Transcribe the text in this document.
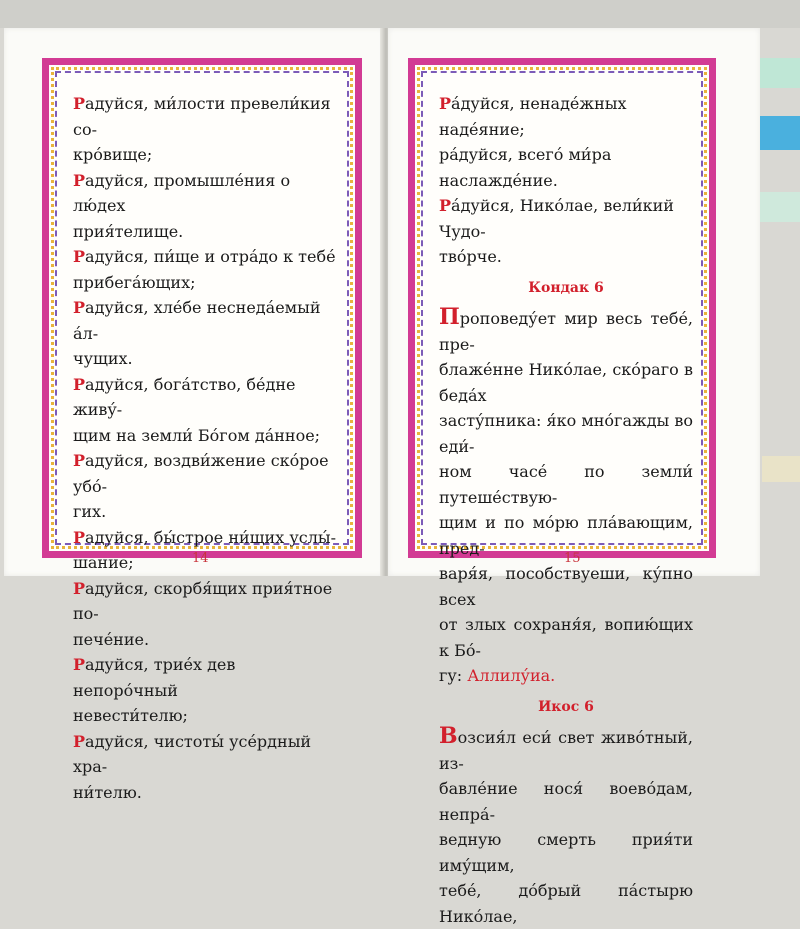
Радуйся, ми́лости превели́кия со-
кро́вище;
Радуйся, промышле́ния о лю́дех
прия́телище.
Радуйся, пи́ще и отра́до к тебе́
прибега́ющих;
Радуйся, хле́бе неснеда́емый а́л-
чущих.
Радуйся, бога́тство, бе́дне живу́-
щим на земли́ Бо́гом да́нное;
Радуйся, воздви́жение ско́рое убо́-
гих.
Радуйся, бы́строе ни́щих услы́-
шание;
Радуйся, скорбя́щих прия́тное по-
пече́ние.
Радуйся, трие́х дев непоро́чный
невести́телю;
Радуйся, чистоты́ усе́рдный хра-
ни́телю.
14
Ра́дуйся, ненаде́жных наде́яние;
ра́дуйся, всего́ ми́ра наслажде́ние.
Ра́дуйся, Нико́лае, вели́кий Чудо-
тво́рче.
Кондак 6

Проповеду́ет мир весь тебе́, пре-
блаже́нне Нико́лае, ско́раго в беда́х
засту́пника: я́ко мно́гажды во еди́-
ном часе́ по земли́ путеше́ствую-
щим и по мо́рю пла́вающим, пред-
варя́я, пособствуеши, ку́пно всех
от злых сохраня́я, вопию́щих к Бо́-
гу: Аллилу́иа.

Икос 6

Возсия́л еси́ свет живо́тный, из-
бавле́ние нося́ воево́дам, непра́-
ведную смерть прия́ти иму́щим,
тебе́, до́брый па́стырю Нико́лае,

15
